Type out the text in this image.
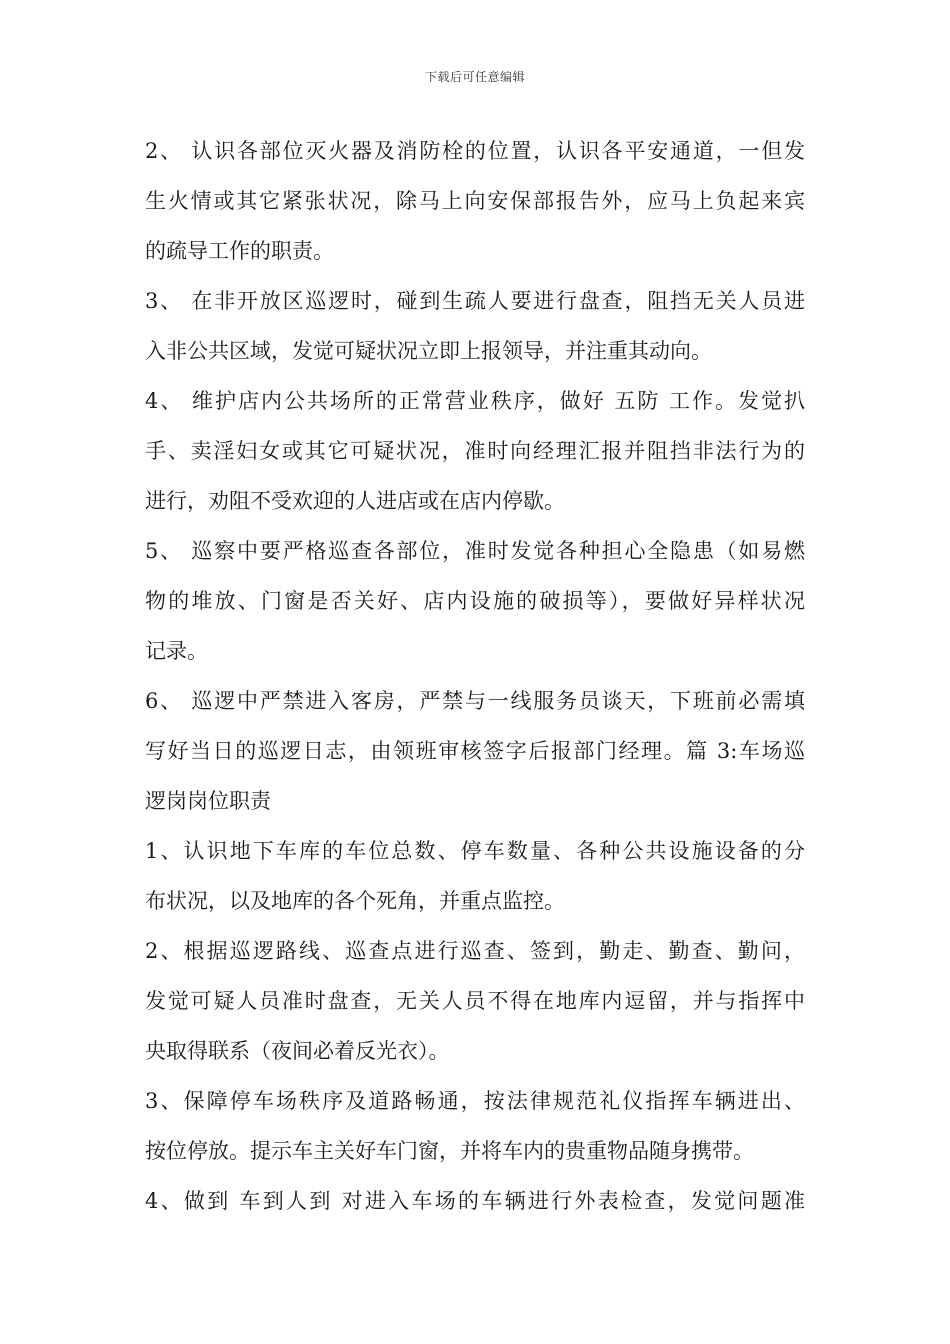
下载后可任意编辑
2、 认识各部位灭火器及消防栓的位置，认识各平安通道，一但发
生火情或其它紧张状况，除马上向安保部报告外，应马上负起来宾
的疏导工作的职责。
3、 在非开放区巡逻时，碰到生疏人要进行盘查，阻挡无关人员进
入非公共区域，发觉可疑状况立即上报领导，并注重其动向。
4、 维护店内公共场所的正常营业秩序，做好 五防 工作。发觉扒
手、卖淫妇女或其它可疑状况，准时向经理汇报并阻挡非法行为的
进行，劝阻不受欢迎的人进店或在店内停歇。
5、 巡察中要严格巡查各部位，准时发觉各种担心全隐患（如易燃
物的堆放、门窗是否关好、店内设施的破损等），要做好异样状况
记录。
6、 巡逻中严禁进入客房，严禁与一线服务员谈天，下班前必需填
写好当日的巡逻日志，由领班审核签字后报部门经理。篇 3:车场巡
逻岗岗位职责
1、认识地下车库的车位总数、停车数量、各种公共设施设备的分
布状况，以及地库的各个死角，并重点监控。
2、根据巡逻路线、巡查点进行巡查、签到，勤走、勤查、勤问，
发觉可疑人员准时盘查，无关人员不得在地库内逗留，并与指挥中
央取得联系（夜间必着反光衣）。
3、保障停车场秩序及道路畅通，按法律规范礼仪指挥车辆进出、
按位停放。提示车主关好车门窗，并将车内的贵重物品随身携带。
4、做到 车到人到 对进入车场的车辆进行外表检查，发觉问题准
